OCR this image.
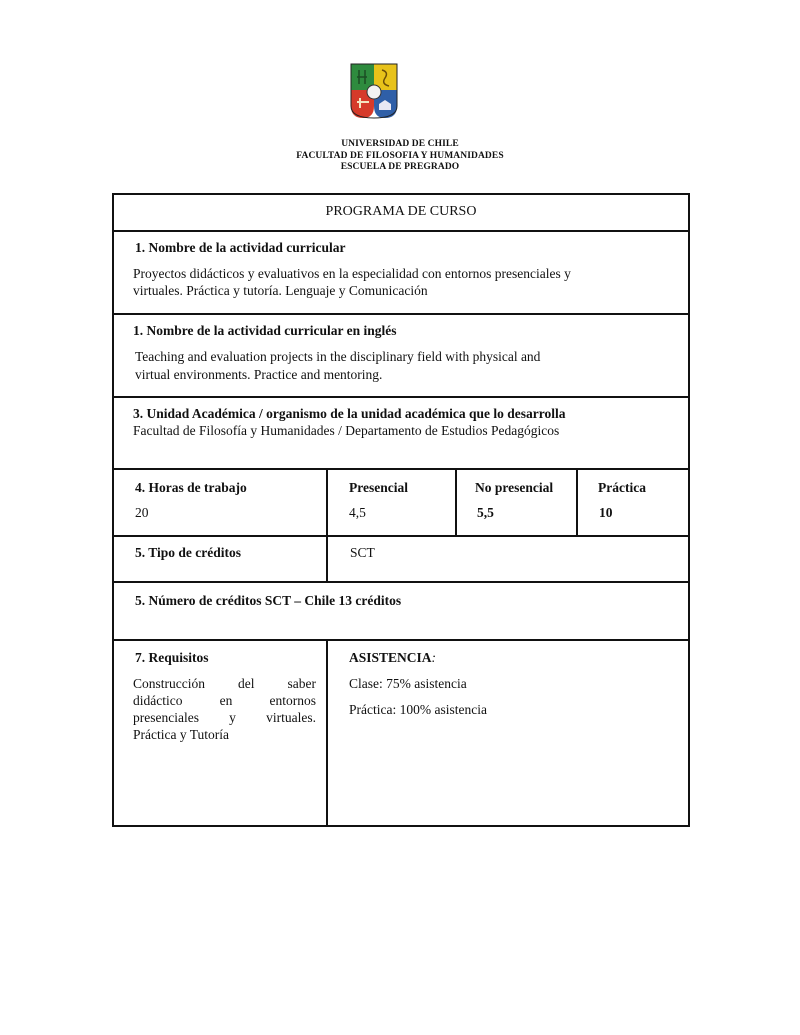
UNIVERSIDAD DE CHILE
FACULTAD DE FILOSOFIA Y HUMANIDADES
ESCUELA DE PREGRADO
PROGRAMA DE CURSO
1. Nombre de la actividad curricular
Proyectos didácticos y evaluativos en la especialidad con entornos presenciales y
virtuales. Práctica y tutoría. Lenguaje y Comunicación
1. Nombre de la actividad curricular en inglés
Teaching and evaluation projects in the disciplinary field with physical and
virtual environments. Practice and mentoring.
3. Unidad Académica / organismo de la unidad académica que lo desarrolla
Facultad de Filosofía y Humanidades / Departamento de Estudios Pedagógicos
4. Horas de trabajo
20
Presencial
4,5
No presencial
5,5
Práctica
10
5. Tipo de créditos	SCT
5. Número de créditos SCT – Chile 13 créditos
7. Requisitos
Construcción del saber
didáctico en entornos
presenciales y virtuales.
Práctica y Tutoría
ASISTENCIA:
Clase: 75% asistencia
Práctica: 100% asistencia
